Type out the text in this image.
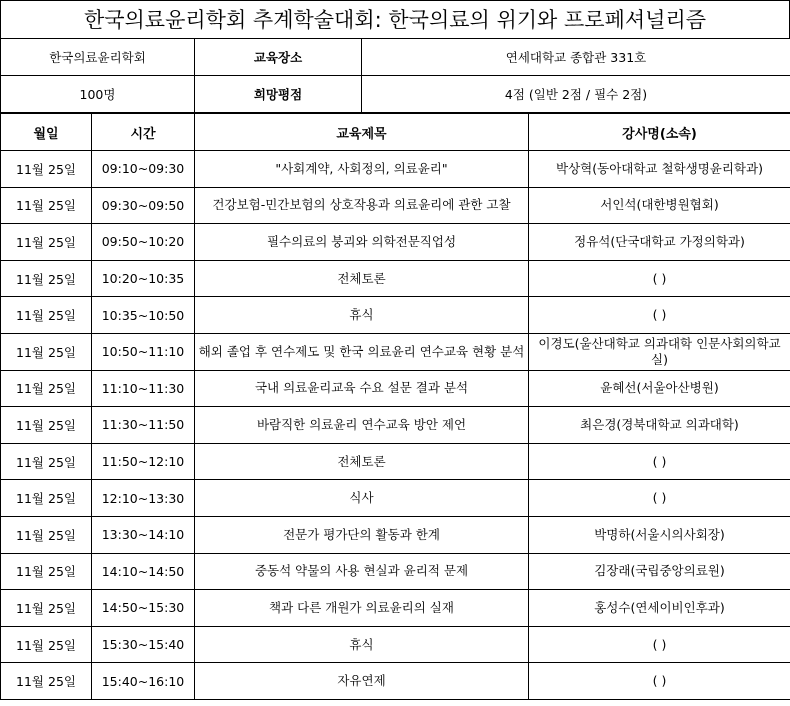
한국의료윤리학회 추계학술대회: 한국의료의 위기와 프로페셔널리즘
한국의료윤리학회	교육장소	연세대학교 종합관 331호
100명	희망평점	4점 (일반 2점 / 필수 2점)
월일	시간	교육제목	강사명(소속)
11월 25일	09:10~09:30	"사회계약, 사회정의, 의료윤리"	박상혁(동아대학교 철학생명윤리학과)
11월 25일	09:30~09:50	건강보험-민간보험의 상호작용과 의료윤리에 관한 고찰	서인석(대한병원협회)
11월 25일	09:50~10:20	필수의료의 붕괴와 의학전문직업성	정유석(단국대학교 가정의학과)
11월 25일	10:20~10:35	전체토론	( )
11월 25일	10:35~10:50	휴식	( )
11월 25일	10:50~11:10	해외 졸업 후 연수제도 및 한국 의료윤리 연수교육 현황 분석	이경도(울산대학교 의과대학 인문사회의학교실)
11월 25일	11:10~11:30	국내 의료윤리교육 수요 설문 결과 분석	윤혜선(서울아산병원)
11월 25일	11:30~11:50	바람직한 의료윤리 연수교육 방안 제언	최은경(경북대학교 의과대학)
11월 25일	11:50~12:10	전체토론	( )
11월 25일	12:10~13:30	식사	( )
11월 25일	13:30~14:10	전문가 평가단의 활동과 한계	박명하(서울시의사회장)
11월 25일	14:10~14:50	중동석 약물의 사용 현실과 윤리적 문제	김장래(국립중앙의료원)
11월 25일	14:50~15:30	책과 다른 개원가 의료윤리의 실재	홍성수(연세이비인후과)
11월 25일	15:30~15:40	휴식	( )
11월 25일	15:40~16:10	자유연제	( )
